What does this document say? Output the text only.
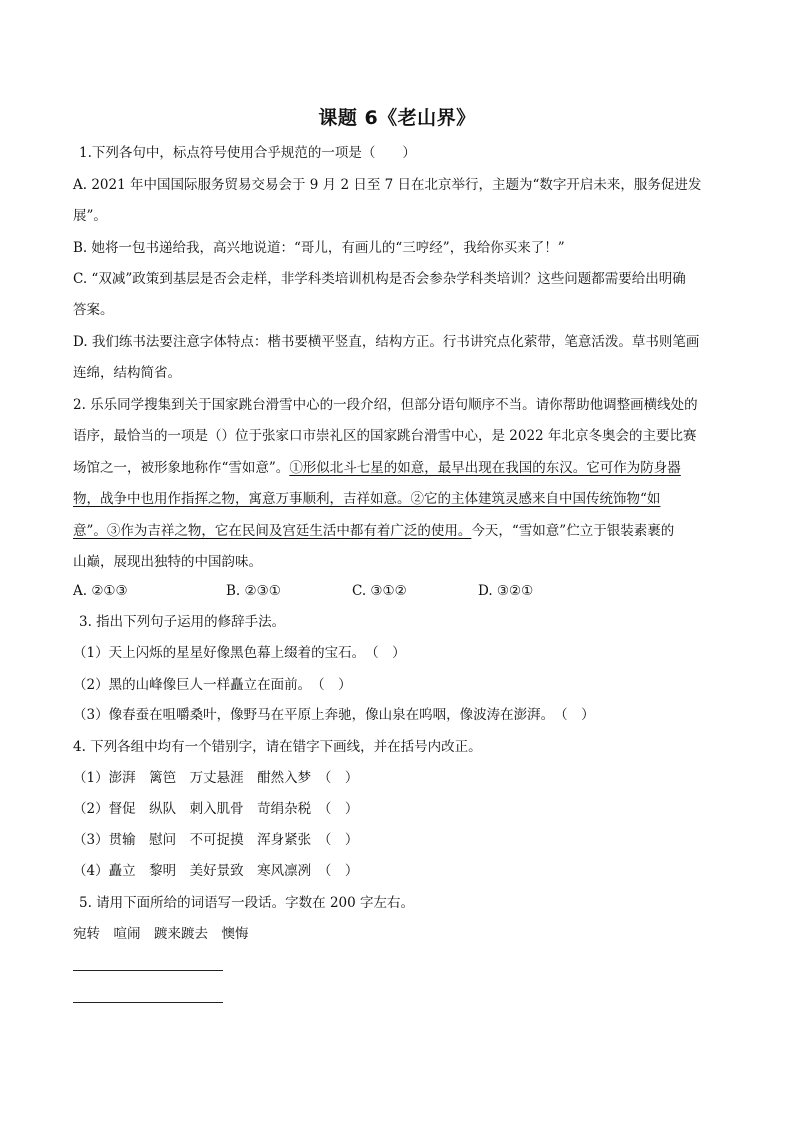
课题 6《老山界》
1.下列各句中，标点符号使用合乎规范的一项是（　　）
A. 2021 年中国国际服务贸易交易会于 9 月 2 日至 7 日在北京举行，主题为“数字开启未来，服务促进发
展”。
B. 她将一包书递给我，高兴地说道：“哥儿，有画儿的“三哼经”，我给你买来了！”
C. “双减”政策到基层是否会走样，非学科类培训机构是否会参杂学科类培训？这些问题都需要给出明确
答案。
D. 我们练书法要注意字体特点：楷书要横平竖直，结构方正。行书讲究点化萦带，笔意活泼。草书则笔画
连绵，结构简省。
2. 乐乐同学搜集到关于国家跳台滑雪中心的一段介绍，但部分语句顺序不当。请你帮助他调整画横线处的
语序，最恰当的一项是（）位于张家口市崇礼区的国家跳台滑雪中心，是 2022 年北京冬奥会的主要比赛
场馆之一，被形象地称作“雪如意”。①形似北斗七星的如意，最早出现在我国的东汉。它可作为防身器
物，战争中也用作指挥之物，寓意万事顺利，吉祥如意。②它的主体建筑灵感来自中国传统饰物“如
意”。③作为吉祥之物，它在民间及宫廷生活中都有着广泛的使用。今天，“雪如意”伫立于银装素裹的
山巅，展现出独特的中国韵味。
A. ②①③	B. ②③①	C. ③①②	D. ③②①
3. 指出下列句子运用的修辞手法。
（1）天上闪烁的星星好像黑色幕上缀着的宝石。　（　）
（2）黑的山峰像巨人一样矗立在面前。　（　）
（3）像春蚕在咀嚼桑叶，像野马在平原上奔驰，像山泉在呜咽，像波涛在澎湃。　（　）
4. 下列各组中均有一个错别字，请在错字下画线，并在括号内改正。
（1）澎湃　篱笆　万丈悬涯　酣然入梦　（　）
（2）督促　纵队　刺入肌骨　苛绢杂税　（　）
（3）贯输　慰问　不可捉摸　浑身紧张　（　）
（4）矗立　黎明　美好景致　寒风凛冽　（　）
5. 请用下面所给的词语写一段话。字数在 200 字左右。
宛转　喧闹　踱来踱去　懊悔
